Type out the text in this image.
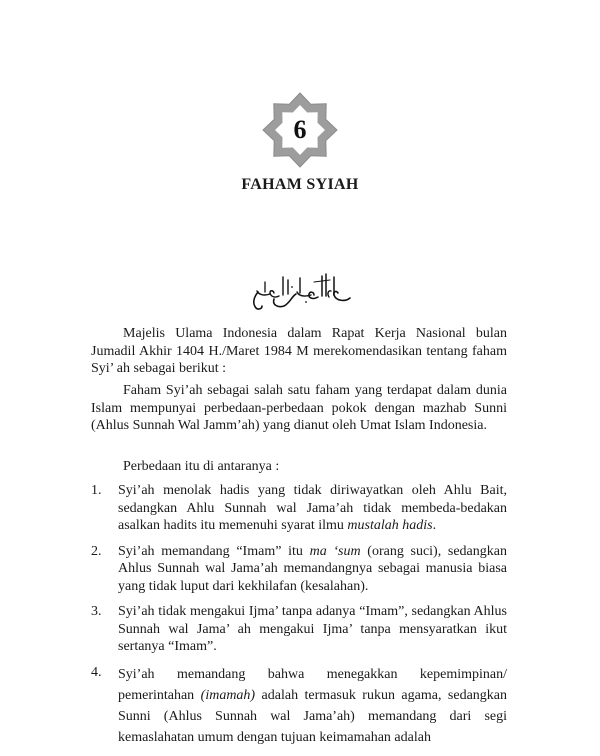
6
FAHAM SYIAH
Majelis Ulama Indonesia dalam Rapat Kerja Nasional bulan Jumadil Akhir 1404 H./Maret 1984 M merekomendasikan tentang faham Syi’ ah sebagai berikut :
Faham Syi’ah sebagai salah satu faham yang terdapat dalam dunia Islam mempunyai perbedaan-perbedaan pokok dengan mazhab Sunni (Ahlus Sunnah Wal Jamm’ah) yang dianut oleh Umat Islam Indonesia.
Perbedaan itu di antaranya :
1.	Syi’ah menolak hadis yang tidak diriwayatkan oleh Ahlu Bait, sedangkan Ahlu Sunnah wal Jama’ah tidak membeda-bedakan asalkan hadits itu memenuhi syarat ilmu mustalah hadis.
2.	Syi’ah memandang “Imam” itu ma ‘sum (orang suci), sedangkan Ahlus Sunnah wal Jama’ah memandangnya sebagai manusia biasa yang tidak luput dari kekhilafan (kesalahan).
3.	Syi’ah tidak mengakui Ijma’ tanpa adanya “Imam”, sedangkan Ahlus Sunnah wal Jama’ ah mengakui Ijma’ tanpa mensyaratkan ikut sertanya “Imam”.
4.	Syi’ah memandang bahwa menegakkan kepemimpinan/ pemerintahan (imamah) adalah termasuk rukun agama, sedangkan Sunni (Ahlus Sunnah wal Jama’ah) memandang dari segi kemaslahatan umum dengan tujuan keimamahan adalah
